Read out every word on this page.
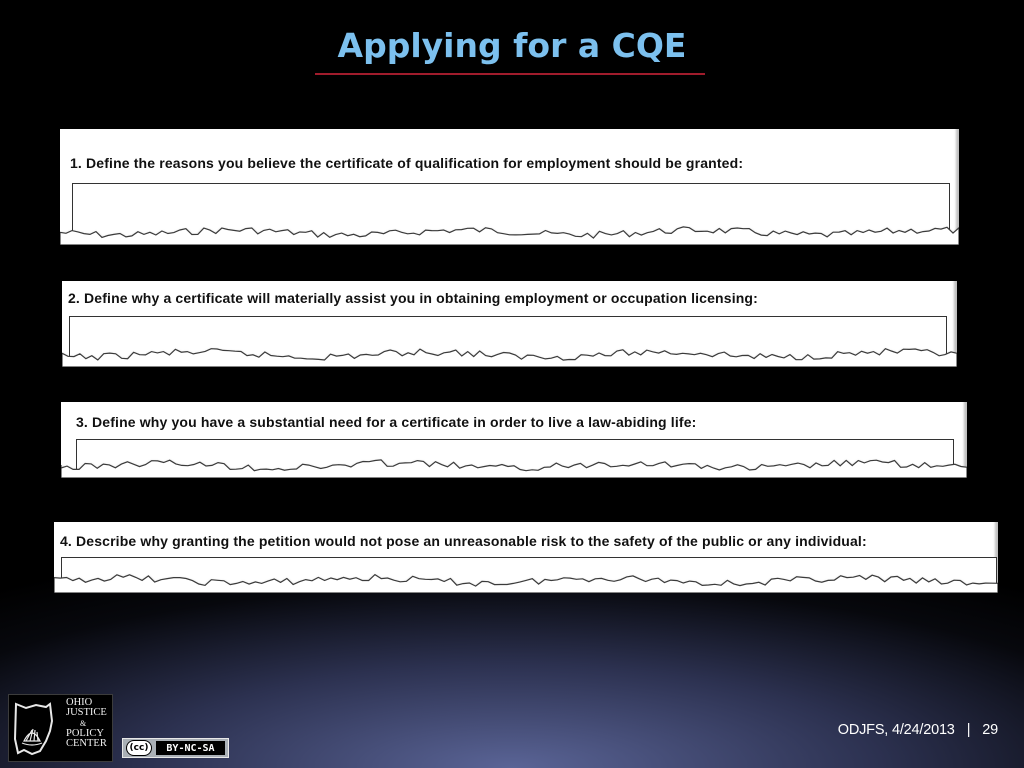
Applying for a CQE
1. Define the reasons you believe the certificate of qualification for employment should be granted:
2. Define why a certificate will materially assist you in obtaining employment or occupation licensing:
3. Define why you have a substantial need for a certificate in order to live a law-abiding life:
4. Describe why granting the petition would not pose an unreasonable risk to the safety of the public or any individual:
OHIO
JUSTICE
&
POLICY
CENTER	(cc)	BY-NC-SA
ODJFS, 4/24/2013 | 29
